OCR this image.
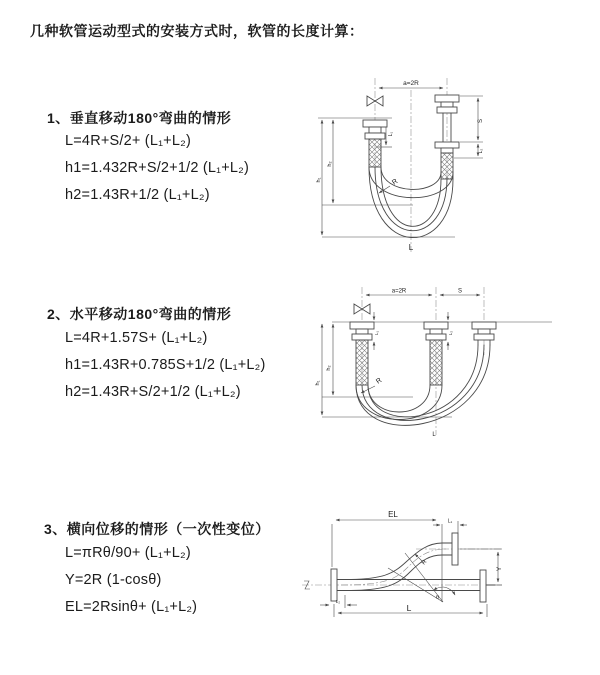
几种软管运动型式的安装方式时，软管的长度计算：
1、垂直移动180°弯曲的情形
L=4R+S/2+ (L₁+L₂)
h1=1.432R+S/2+1/2 (L₁+L₂)
h2=1.43R+1/2 (L₁+L₂)
a=2R
L₁
S
L₂
h₁
h₂
R
L
2、水平移动180°弯曲的情形
L=4R+1.57S+ (L₁+L₂)
h1=1.43R+0.785S+1/2 (L₁+L₂)
h2=1.43R+S/2+1/2 (L₁+L₂)
a=2R	S
L₁	L₂
h₁
h₂
R
L
3、横向位移的情形（一次性变位）
L=πRθ/90+ (L₁+L₂)
Y=2R (1-cosθ)
EL=2Rsinθ+ (L₁+L₂)
EL
L₁
Y
R
θ
L
L₂
